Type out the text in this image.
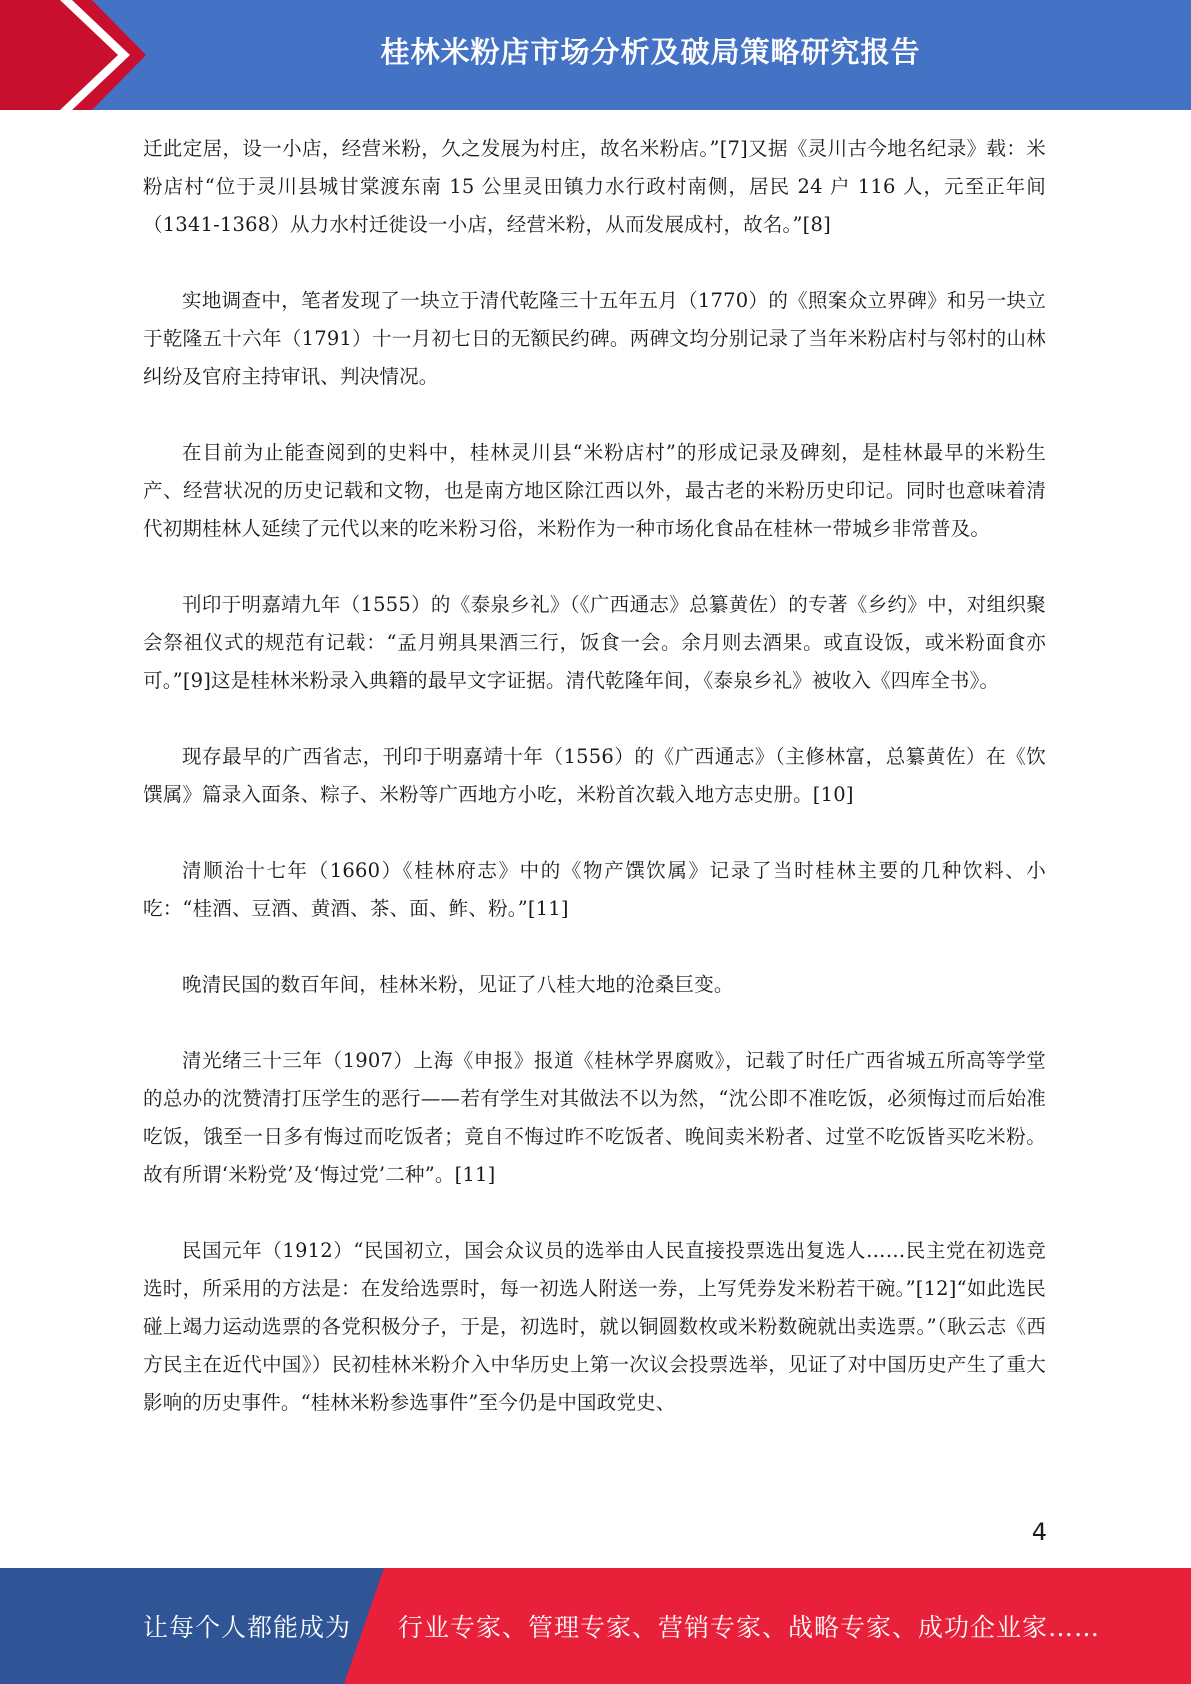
桂林米粉店市场分析及破局策略研究报告

迁此定居，设一小店，经营米粉，久之发展为村庄，故名米粉店。”[7]又据《灵川古今地名纪录》载：米粉店村“位于灵川县城甘棠渡东南 15 公里灵田镇力水行政村南侧，居民 24 户 116 人，元至正年间（1341-1368）从力水村迁徙设一小店，经营米粉，从而发展成村，故名。”[8]

实地调查中，笔者发现了一块立于清代乾隆三十五年五月（1770）的《照案众立界碑》和另一块立于乾隆五十六年（1791）十一月初七日的无额民约碑。两碑文均分别记录了当年米粉店村与邻村的山林纠纷及官府主持审讯、判决情况。

在目前为止能查阅到的史料中，桂林灵川县“米粉店村”的形成记录及碑刻，是桂林最早的米粉生产、经营状况的历史记载和文物，也是南方地区除江西以外，最古老的米粉历史印记。同时也意味着清代初期桂林人延续了元代以来的吃米粉习俗，米粉作为一种市场化食品在桂林一带城乡非常普及。

刊印于明嘉靖九年（1555）的《泰泉乡礼》（《广西通志》总纂黄佐）的专著《乡约》中，对组织聚会祭祖仪式的规范有记载：“孟月朔具果酒三行，饭食一会。余月则去酒果。或直设饭，或米粉面食亦可。”[9]这是桂林米粉录入典籍的最早文字证据。清代乾隆年间，《泰泉乡礼》被收入《四库全书》。

现存最早的广西省志，刊印于明嘉靖十年（1556）的《广西通志》（主修林富，总纂黄佐）在《饮馔属》篇录入面条、粽子、米粉等广西地方小吃，米粉首次载入地方志史册。[10]

清顺治十七年（1660）《桂林府志》中的《物产馔饮属》记录了当时桂林主要的几种饮料、小吃：“桂酒、豆酒、黄酒、茶、面、鲊、粉。”[11]

晚清民国的数百年间，桂林米粉，见证了八桂大地的沧桑巨变。

清光绪三十三年（1907）上海《申报》报道《桂林学界腐败》，记载了时任广西省城五所高等学堂的总办的沈赞清打压学生的恶行——若有学生对其做法不以为然，“沈公即不准吃饭，必须悔过而后始准吃饭，饿至一日多有悔过而吃饭者；竟自不悔过昨不吃饭者、晚间卖米粉者、过堂不吃饭皆买吃米粉。故有所谓‘米粉党’及‘悔过党’二种”。[11]

民国元年（1912）“民国初立，国会众议员的选举由人民直接投票选出复选人……民主党在初选竞选时，所采用的方法是：在发给选票时，每一初选人附送一券，上写凭券发米粉若干碗。”[12]“如此选民碰上竭力运动选票的各党积极分子，于是，初选时，就以铜圆数枚或米粉数碗就出卖选票。”（耿云志《西方民主在近代中国》）民初桂林米粉介入中华历史上第一次议会投票选举，见证了对中国历史产生了重大影响的历史事件。“桂林米粉参选事件”至今仍是中国政党史、

4
让每个人都能成为 行业专家、管理专家、营销专家、战略专家、成功企业家……
